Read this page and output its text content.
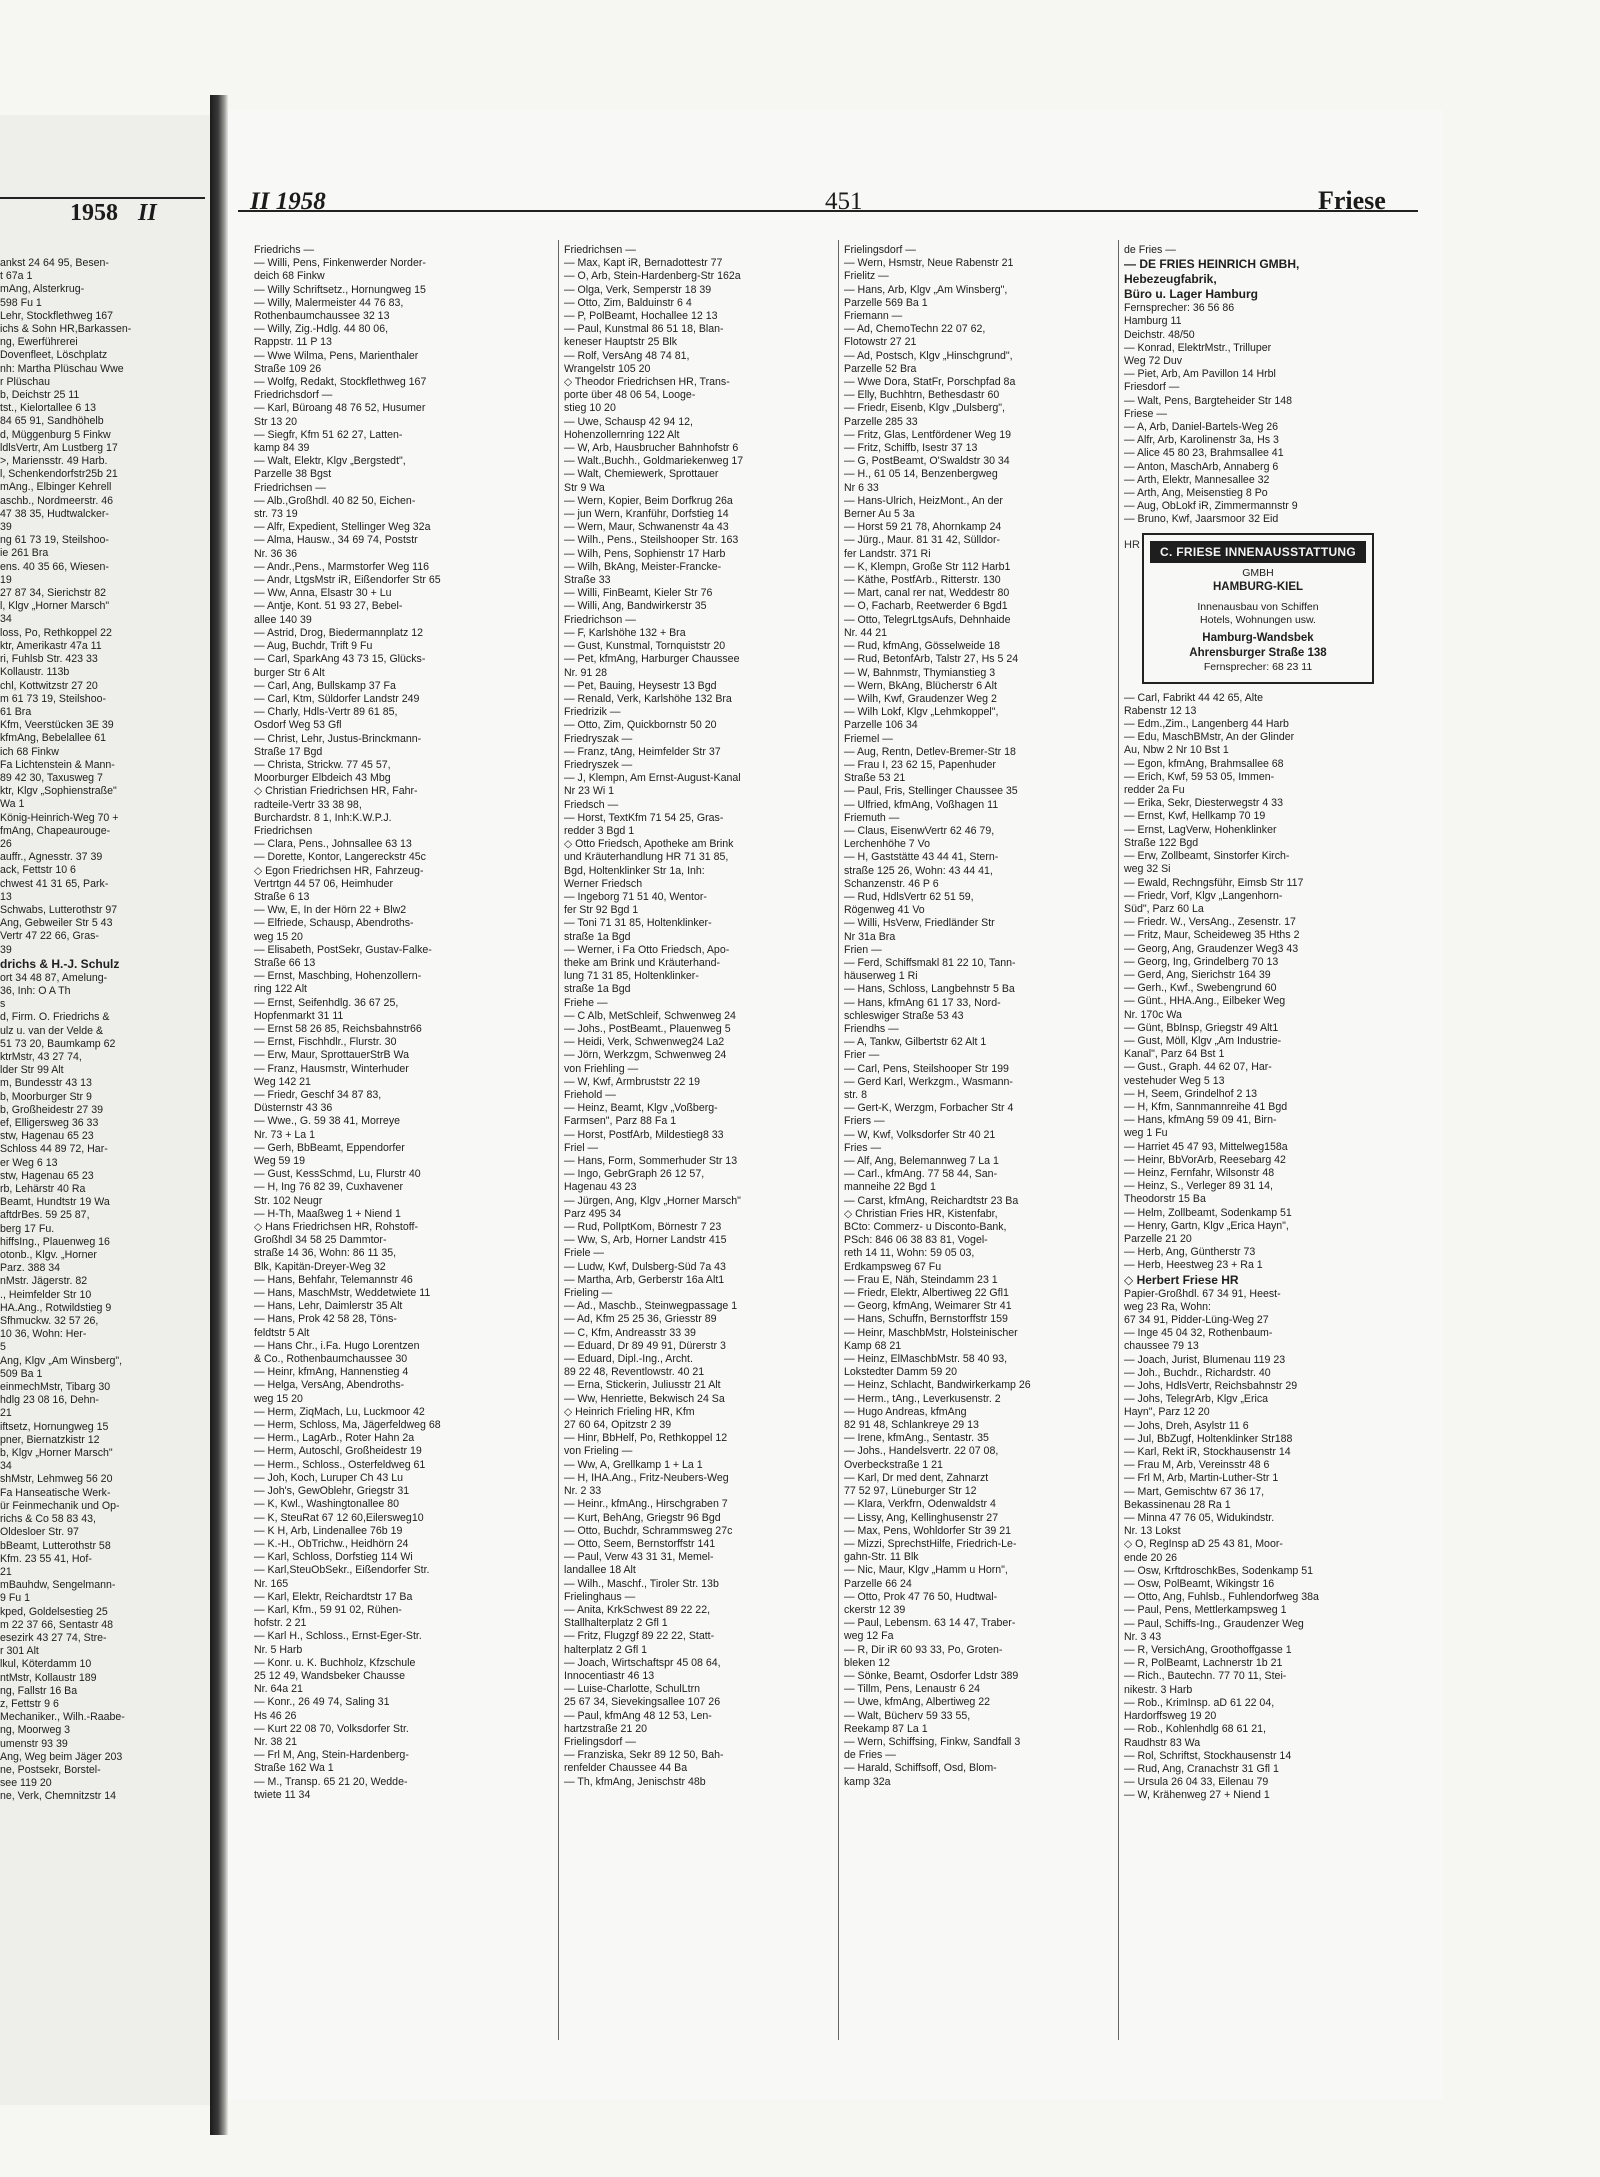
1958 II
ankst 24 64 95, Besen-
t 67a 1
mAng, Alsterkrug-
598 Fu 1
Lehr, Stockflethweg 167
ichs & Sohn HR,Barkassen-
ng, Ewerführerei
Dovenfleet, Löschplatz
nh: Martha Plüschau Wwe
r Plüschau
b, Deichstr 25 11
tst., Kielortallee 6 13
84 65 91, Sandhöhelb
d, Müggenburg 5 Finkw
ldlsVertr, Am Lustberg 17
>, Mariensstr. 49 Harb.
l, Schenkendorfstr25b 21
mAng., Elbinger Kehrell
aschb., Nordmeerstr. 46
47 38 35, Hudtwalcker-
39
ng 61 73 19, Steilshoo-
ie 261 Bra
ens. 40 35 66, Wiesen-
19
27 87 34, Sierichstr 82
l, Klgv „Horner Marsch"
34
loss, Po, Rethkoppel 22
ktr, Amerikastr 47a 11
ri, Fuhlsb Str. 423 33
Kollaustr. 113b
chl, Kottwitzstr 27 20
m 61 73 19, Steilshoo-
61 Bra
Kfm, Veerstücken 3E 39
kfmAng, Bebelallee 61
ich 68 Finkw
Fa Lichtenstein & Mann-
89 42 30, Taxusweg 7
ktr, Klgv „Sophienstraße"
Wa 1
König-Heinrich-Weg 70 +
fmAng, Chapeaurouge-
26
auffr., Agnesstr. 37 39
ack, Fettstr 10 6
chwest 41 31 65, Park-
13
Schwabs, Lutterothstr 97
Ang, Gebweiler Str 5 43
Vertr 47 22 66, Gras-
39
drichs & H.-J. Schulz
ort 34 48 87, Amelung-
36, Inh: O A Th
s
d, Firm. O. Friedrichs &
ulz u. van der Velde &
51 73 20, Baumkamp 62
ktrMstr, 43 27 74,
lder Str 99 Alt
m, Bundesstr 43 13
b, Moorburger Str 9
b, Großheidestr 27 39
ef, Elligersweg 36 33
stw, Hagenau 65 23
Schloss 44 89 72, Har-
er Weg 6 13
stw, Hagenau 65 23
rb, Lehärstr 40 Ra
Beamt, Hundtstr 19 Wa
aftdrBes. 59 25 87,
berg 17 Fu.
hiffsIng., Plauenweg 16
otonb., Klgv. „Horner
Parz. 388 34
nMstr. Jägerstr. 82
., Heimfelder Str 10
HA.Ang., Rotwildstieg 9
Sfhmuckw. 32 57 26,
10 36, Wohn: Her-
5
Ang, Klgv „Am Winsberg",
509 Ba 1
einmechMstr, Tibarg 30
hdlg 23 08 16, Dehn-
21
iftsetz, Hornungweg 15
pner, Biernatzkistr 12
b, Klgv „Horner Marsch"
34
shMstr, Lehmweg 56 20
Fa Hanseatische Werk-
ür Feinmechanik und Op-
richs & Co 58 83 43,
Oldesloer Str. 97
bBeamt, Lutterothstr 58
Kfm. 23 55 41, Hof-
21
mBauhdw, Sengelmann-
9 Fu 1
kped, Goldelsestieg 25
m 22 37 66, Sentastr 48
esezirk 43 27 74, Stre-
r 301 Alt
lkul, Köterdamm 10
ntMstr, Kollaustr 189
ng, Fallstr 16 Ba
z, Fettstr 9 6
Mechaniker., Wilh.-Raabe-
ng, Moorweg 3
umenstr 93 39
Ang, Weg beim Jäger 203
ne, Postsekr, Borstel-
see 119 20
ne, Verk, Chemnitzstr 14
II 1958	451	Friese
Friedrichs —
— Willi, Pens, Finkenwerder Norder-
deich 68 Finkw
— Willy Schriftsetz., Hornungweg 15
— Willy, Malermeister 44 76 83,
Rothenbaumchaussee 32 13
— Willy, Zig.-Hdlg. 44 80 06,
Rappstr. 11 P 13
— Wwe Wilma, Pens, Marienthaler
Straße 109 26
— Wolfg, Redakt, Stockflethweg 167
Friedrichsdorf —
— Karl, Büroang 48 76 52, Husumer
Str 13 20
— Siegfr, Kfm 51 62 27, Latten-
kamp 84 39
— Walt, Elektr, Klgv „Bergstedt",
Parzelle 38 Bgst
Friedrichsen —
— Alb.,Großhdl. 40 82 50, Eichen-
str. 73 19
— Alfr, Expedient, Stellinger Weg 32a
— Alma, Hausw., 34 69 74, Poststr
Nr. 36 36
— Andr.,Pens., Marmstorfer Weg 116
— Andr, LtgsMstr iR, Eißendorfer Str 65
— Ww, Anna, Elsastr 30 + Lu
— Antje, Kont. 51 93 27, Bebel-
allee 140 39
— Astrid, Drog, Biedermannplatz 12
— Aug, Buchdr, Trift 9 Fu
— Carl, SparkAng 43 73 15, Glücks-
burger Str 6 Alt
— Carl, Ang, Bullskamp 37 Fa
— Carl, Ktm, Süldorfer Landstr 249
— Charly, Hdls-Vertr 89 61 85,
Osdorf Weg 53 Gfl
— Christ, Lehr, Justus-Brinckmann-
Straße 17 Bgd
— Christa, Strickw. 77 45 57,
Moorburger Elbdeich 43 Mbg
◇ Christian Friedrichsen HR, Fahr-
radteile-Vertr 33 38 98,
Burchardstr. 8 1, Inh:K.W.P.J.
Friedrichsen
— Clara, Pens., Johnsallee 63 13
— Dorette, Kontor, Langereckstr 45c
◇ Egon Friedrichsen HR, Fahrzeug-
Vertrtgn 44 57 06, Heimhuder
Straße 6 13
— Ww, E, In der Hörn 22 + Blw2
— Elfriede, Schausp, Abendroths-
weg 15 20
— Elisabeth, PostSekr, Gustav-Falke-
Straße 66 13
— Ernst, Maschbing, Hohenzollern-
ring 122 Alt
— Ernst, Seifenhdlg. 36 67 25,
Hopfenmarkt 31 11
— Ernst 58 26 85, Reichsbahnstr66
— Ernst, Fischhdlr., Flurstr. 30
— Erw, Maur, SprottauerStrB Wa
— Franz, Hausmstr, Winterhuder
Weg 142 21
— Friedr, Geschf 34 87 83,
Düsternstr 43 36
— Wwe., G. 59 38 41, Morreye
Nr. 73 + La 1
— Gerh, BbBeamt, Eppendorfer
Weg 59 19
— Gust, KessSchmd, Lu, Flurstr 40
— H, Ing 76 82 39, Cuxhavener
Str. 102 Neugr
— H-Th, Maaßweg 1 + Niend 1
◇ Hans Friedrichsen HR, Rohstoff-
Großhdl 34 58 25 Dammtor-
straße 14 36, Wohn: 86 11 35,
Blk, Kapitän-Dreyer-Weg 32
— Hans, Behfahr, Telemannstr 46
— Hans, MaschMstr, Weddetwiete 11
— Hans, Lehr, Daimlerstr 35 Alt
— Hans, Prok 42 58 28, Töns-
feldtstr 5 Alt
— Hans Chr., i.Fa. Hugo Lorentzen
& Co., Rothenbaumchaussee 30
— Heinr, kfmAng, Hannenstieg 4
— Helga, VersAng, Abendroths-
weg 15 20
— Herm, ZiqMach, Lu, Luckmoor 42
— Herm, Schloss, Ma, Jägerfeldweg 68
— Herm., LagArb., Roter Hahn 2a
— Herm, Autoschl, Großheidestr 19
— Herm., Schloss., Osterfeldweg 61
— Joh, Koch, Luruper Ch 43 Lu
— Joh's, GewOblehr, Griegstr 31
— K, Kwl., Washingtonallee 80
— K, SteuRat 67 12 60,Eilersweg10
— K H, Arb, Lindenallee 76b 19
— K.-H., ObTrichw., Heidhörn 24
— Karl, Schloss, Dorfstieg 114 Wi
— Karl,SteuObSekr., Eißendorfer Str.
Nr. 165
— Karl, Elektr, Reichardtstr 17 Ba
— Karl, Kfm., 59 91 02, Rühen-
hofstr. 2 21
— Karl H., Schloss., Ernst-Eger-Str.
Nr. 5 Harb
— Konr. u. K. Buchholz, Kfzschule
25 12 49, Wandsbeker Chausse
Nr. 64a 21
— Konr., 26 49 74, Saling 31
Hs 46 26
— Kurt 22 08 70, Volksdorfer Str.
Nr. 38 21
— Frl M, Ang, Stein-Hardenberg-
Straße 162 Wa 1
— M., Transp. 65 21 20, Wedde-
twiete 11 34
Friedrichsen —
— Max, Kapt iR, Bernadottestr 77
— O, Arb, Stein-Hardenberg-Str 162a
— Olga, Verk, Semperstr 18 39
— Otto, Zim, Balduinstr 6 4
— P, PolBeamt, Hochallee 12 13
— Paul, Kunstmal 86 51 18, Blan-
keneser Hauptstr 25 Blk
— Rolf, VersAng 48 74 81,
Wrangelstr 105 20
◇ Theodor Friedrichsen HR, Trans-
porte über 48 06 54, Looge-
stieg 10 20
— Uwe, Schausp 42 94 12,
Hohenzollernring 122 Alt
— W, Arb, Hausbrucher Bahnhofstr 6
— Walt.,Buchh., Goldmariekenweg 17
— Walt, Chemiewerk, Sprottauer
Str 9 Wa
— Wern, Kopier, Beim Dorfkrug 26a
— jun Wern, Kranführ, Dorfstieg 14
— Wern, Maur, Schwanenstr 4a 43
— Wilh., Pens., Steilshooper Str. 163
— Wilh, Pens, Sophienstr 17 Harb
— Wilh, BkAng, Meister-Francke-
Straße 33
— Willi, FinBeamt, Kieler Str 76
— Willi, Ang, Bandwirkerstr 35
Friedrichson —
— F, Karlshöhe 132 + Bra
— Gust, Kunstmal, Tornquiststr 20
— Pet, kfmAng, Harburger Chaussee
Nr. 91 28
— Pet, Bauing, Heysestr 13 Bgd
— Renald, Verk, Karlshöhe 132 Bra
Friedrizik —
— Otto, Zim, Quickbornstr 50 20
Friedryszak —
— Franz, tAng, Heimfelder Str 37
Friedryszek —
— J, Klempn, Am Ernst-August-Kanal
Nr 23 Wi 1
Friedsch —
— Horst, TextKfm 71 54 25, Gras-
redder 3 Bgd 1
◇ Otto Friedsch, Apotheke am Brink
und Kräuterhandlung HR 71 31 85,
Bgd, Holtenklinker Str 1a, Inh:
Werner Friedsch
— Ingeborg 71 51 40, Wentor-
fer Str 92 Bgd 1
— Toni 71 31 85, Holtenklinker-
straße 1a Bgd
— Werner, i Fa Otto Friedsch, Apo-
theke am Brink und Kräuterhand-
lung 71 31 85, Holtenklinker-
straße 1a Bgd
Friehe —
— C Alb, MetSchleif, Schwenweg 24
— Johs., PostBeamt., Plauenweg 5
— Heidi, Verk, Schwenweg24 La2
— Jörn, Werkzgm, Schwenweg 24
von Friehling —
— W, Kwf, Armbruststr 22 19
Friehold —
— Heinz, Beamt, Klgv „Voßberg-
Farmsen", Parz 88 Fa 1
— Horst, PostfArb, Mildestieg8 33
Friel —
— Hans, Form, Sommerhuder Str 13
— Ingo, GebrGraph 26 12 57,
Hagenau 43 23
— Jürgen, Ang, Klgv „Horner Marsch"
Parz 495 34
— Rud, PolIptKom, Börnestr 7 23
— Ww, S, Arb, Horner Landstr 415
Friele —
— Ludw, Kwf, Dulsberg-Süd 7a 43
— Martha, Arb, Gerberstr 16a Alt1
Frieling —
— Ad., Maschb., Steinwegpassage 1
— Ad, Kfm 25 25 36, Griesstr 89
— C, Kfm, Andreasstr 33 39
— Eduard, Dr 89 49 91, Dürerstr 3
— Eduard, Dipl.-Ing., Archt.
89 22 48, Reventlowstr. 40 21
— Erna, Stickerin, Juliusstr 21 Alt
— Ww, Henriette, Bekwisch 24 Sa
◇ Heinrich Frieling HR, Kfm
27 60 64, Opitzstr 2 39
— Hinr, BbHelf, Po, Rethkoppel 12
von Frieling —
— Ww, A, Grellkamp 1 + La 1
— H, IHA.Ang., Fritz-Neubers-Weg
Nr. 2 33
— Heinr., kfmAng., Hirschgraben 7
— Kurt, BehAng, Griegstr 96 Bgd
— Otto, Buchdr, Schrammsweg 27c
— Otto, Seem, Bernstorffstr 141
— Paul, Verw 43 31 31, Memel-
landallee 18 Alt
— Wilh., Maschf., Tiroler Str. 13b
Frielinghaus —
— Anita, KrkSchwest 89 22 22,
Stallhalterplatz 2 Gfl 1
— Fritz, Flugzgf 89 22 22, Statt-
halterplatz 2 Gfl 1
— Joach, Wirtschaftspr 45 08 64,
Innocentiastr 46 13
— Luise-Charlotte, SchulLtrn
25 67 34, Sievekingsallee 107 26
— Paul, kfmAng 48 12 53, Len-
hartzstraße 21 20
Frielingsdorf —
— Franziska, Sekr 89 12 50, Bah-
renfelder Chaussee 44 Ba
— Th, kfmAng, Jenischstr 48b
Frielingsdorf —
— Wern, Hsmstr, Neue Rabenstr 21
Frielitz —
— Hans, Arb, Klgv „Am Winsberg",
Parzelle 569 Ba 1
Friemann —
— Ad, ChemoTechn 22 07 62,
Flotowstr 27 21
— Ad, Postsch, Klgv „Hinschgrund",
Parzelle 52 Bra
— Wwe Dora, StatFr, Porschpfad 8a
— Elly, Buchhtrn, Bethesdastr 60
— Friedr, Eisenb, Klgv „Dulsberg",
Parzelle 285 33
— Fritz, Glas, Lentfördener Weg 19
— Fritz, Schiffb, Isestr 37 13
— G, PostBeamt, O'Swaldstr 30 34
— H., 61 05 14, Benzenbergweg
Nr 6 33
— Hans-Ulrich, HeizMont., An der
Berner Au 5 3a
— Horst 59 21 78, Ahornkamp 24
— Jürg., Maur. 81 31 42, Sülldor-
fer Landstr. 371 Ri
— K, Klempn, Große Str 112 Harb1
— Käthe, PostfArb., Ritterstr. 130
— Mart, canal rer nat, Weddestr 80
— O, Facharb, Reetwerder 6 Bgd1
— Otto, TelegrLtgsAufs, Dehnhaide
Nr. 44 21
— Rud, kfmAng, Gösselweide 18
— Rud, BetonfArb, Talstr 27, Hs 5 24
— W, Bahnmstr, Thymianstieg 3
— Wern, BkAng, Blücherstr 6 Alt
— Wilh, Kwf, Graudenzer Weg 2
— Wilh Lokf, Klgv „Lehmkoppel",
Parzelle 106 34
Friemel —
— Aug, Rentn, Detlev-Bremer-Str 18
— Frau I, 23 62 15, Papenhuder
Straße 53 21
— Paul, Fris, Stellinger Chaussee 35
— Ulfried, kfmAng, Voßhagen 11
Friemuth —
— Claus, EisenwVertr 62 46 79,
Lerchenhöhe 7 Vo
— H, Gaststätte 43 44 41, Stern-
straße 125 26, Wohn: 43 44 41,
Schanzenstr. 46 P 6
— Rud, HdlsVertr 62 51 59,
Rögenweg 41 Vo
— Willi, HsVerw, Friedländer Str
Nr 31a Bra
Frien —
— Ferd, Schiffsmakl 81 22 10, Tann-
häuserweg 1 Ri
— Hans, Schloss, Langbehnstr 5 Ba
— Hans, kfmAng 61 17 33, Nord-
schleswiger Straße 53 43
Friendhs —
— A, Tankw, Gilbertstr 62 Alt 1
Frier —
— Carl, Pens, Steilshooper Str 199
— Gerd Karl, Werkzgm., Wasmann-
str. 8
— Gert-K, Werzgm, Forbacher Str 4
Friers —
— W, Kwf, Volksdorfer Str 40 21
Fries —
— Alf, Ang, Belemannweg 7 La 1
— Carl., kfmAng. 77 58 44, San-
manneihe 22 Bgd 1
— Carst, kfmAng, Reichardtstr 23 Ba
◇ Christian Fries HR, Kistenfabr,
BCto: Commerz- u Disconto-Bank,
PSch: 846 06 38 83 81, Vogel-
reth 14 11, Wohn: 59 05 03,
Erdkampsweg 67 Fu
— Frau E, Näh, Steindamm 23 1
— Friedr, Elektr, Albertiweg 22 Gfl1
— Georg, kfmAng, Weimarer Str 41
— Hans, Schuffn, Bernstorffstr 159
— Heinr, MaschbMstr, Holsteinischer
Kamp 68 21
— Heinz, ElMaschbMstr. 58 40 93,
Lokstedter Damm 59 20
— Heinz, Schlacht, Bandwirkerkamp 26
— Herm., tAng., Leverkusenstr. 2
— Hugo Andreas, kfmAng
82 91 48, Schlankreye 29 13
— Irene, kfmAng., Sentastr. 35
— Johs., Handelsvertr. 22 07 08,
Overbeckstraße 1 21
— Karl, Dr med dent, Zahnarzt
77 52 97, Lüneburger Str 12
— Klara, Verkfrn, Odenwaldstr 4
— Lissy, Ang, Kellinghusenstr 27
— Max, Pens, Wohldorfer Str 39 21
— Mizzi, SprechstHilfe, Friedrich-Le-
gahn-Str. 11 Blk
— Nic, Maur, Klgv „Hamm u Horn",
Parzelle 66 24
— Otto, Prok 47 76 50, Hudtwal-
ckerstr 12 39
— Paul, Lebensm. 63 14 47, Traber-
weg 12 Fa
— R, Dir iR 60 93 33, Po, Groten-
bleken 12
— Sönke, Beamt, Osdorfer Ldstr 389
— Tillm, Pens, Lenaustr 6 24
— Uwe, kfmAng, Albertiweg 22
— Walt, Bücherv 59 33 55,
Reekamp 87 La 1
— Wern, Schiffsing, Finkw, Sandfall 3
de Fries —
— Harald, Schiffsoff, Osd, Blom-
kamp 32a
de Fries —
— DE FRIES HEINRICH GMBH,
Hebezeugfabrik,
Büro u. Lager Hamburg
Fernsprecher: 36 56 86
Hamburg 11
Deichstr. 48/50
— Konrad, ElektrMstr., Trilluper
Weg 72 Duv
— Piet, Arb, Am Pavillon 14 Hrbl
Friesdorf —
— Walt, Pens, Bargteheider Str 148
Friese —
— A, Arb, Daniel-Bartels-Weg 26
— Alfr, Arb, Karolinenstr 3a, Hs 3
— Alice 45 80 23, Brahmsallee 41
— Anton, MaschArb, Annaberg 6
— Arth, Elektr, Mannesallee 32
— Arth, Ang, Meisenstieg 8 Po
— Aug, ObLokf iR, Zimmermannstr 9
— Bruno, Kwf, Jaarsmoor 32 Eid
HR	C. FRIESE INNENAUSSTATTUNG
GMBH
HAMBURG-KIEL
Innenausbau von Schiffen
Hotels, Wohnungen usw.
Hamburg-Wandsbek
Ahrensburger Straße 138
Fernsprecher: 68 23 11
— Carl, Fabrikt 44 42 65, Alte
Rabenstr 12 13
— Edm.,Zim., Langenberg 44 Harb
— Edu, MaschBMstr, An der Glinder
Au, Nbw 2 Nr 10 Bst 1
— Egon, kfmAng, Brahmsallee 68
— Erich, Kwf, 59 53 05, Immen-
redder 2a Fu
— Erika, Sekr, Diesterwegstr 4 33
— Ernst, Kwf, Hellkamp 70 19
— Ernst, LagVerw, Hohenklinker
Straße 122 Bgd
— Erw, Zollbeamt, Sinstorfer Kirch-
weg 32 Si
— Ewald, Rechngsführ, Eimsb Str 117
— Friedr, Vorf, Klgv „Langenhorn-
Süd", Parz 60 La
— Friedr. W., VersAng., Zesenstr. 17
— Fritz, Maur, Scheideweg 35 Hths 2
— Georg, Ang, Graudenzer Weg3 43
— Georg, Ing, Grindelberg 70 13
— Gerd, Ang, Sierichstr 164 39
— Gerh., Kwf., Swebengrund 60
— Günt., HHA.Ang., Eilbeker Weg
Nr. 170c Wa
— Günt, BbInsp, Griegstr 49 Alt1
— Gust, Möll, Klgv „Am Industrie-
Kanal", Parz 64 Bst 1
— Gust., Graph. 44 62 07, Har-
vestehuder Weg 5 13
— H, Seem, Grindelhof 2 13
— H, Kfm, Sannmannreihe 41 Bgd
— Hans, kfmAng 59 09 41, Birn-
weg 1 Fu
— Harriet 45 47 93, Mittelweg158a
— Heinr, BbVorArb, Reesebarg 42
— Heinz, Fernfahr, Wilsonstr 48
— Heinz, S., Verleger 89 31 14,
Theodorstr 15 Ba
— Helm, Zollbeamt, Sodenkamp 51
— Henry, Gartn, Klgv „Erica Hayn",
Parzelle 21 20
— Herb, Ang, Güntherstr 73
— Herb, Heestweg 23 + Ra 1
◇ Herbert Friese HR
Papier-Großhdl. 67 34 91, Heest-
weg 23 Ra, Wohn:
67 34 91, Pidder-Lüng-Weg 27
— Inge 45 04 32, Rothenbaum-
chaussee 79 13
— Joach, Jurist, Blumenau 119 23
— Joh., Buchdr., Richardstr. 40
— Johs, HdlsVertr, Reichsbahnstr 29
— Johs, TelegrArb, Klgv „Erica
Hayn", Parz 12 20
— Johs, Dreh, Asylstr 11 6
— Jul, BbZugf, Holtenklinker Str188
— Karl, Rekt iR, Stockhausenstr 14
— Frau M, Arb, Vereinsstr 48 6
— Frl M, Arb, Martin-Luther-Str 1
— Mart, Gemischtw 67 36 17,
Bekassinenau 28 Ra 1
— Minna 47 76 05, Widukindstr.
Nr. 13 Lokst
◇ O, RegInsp aD 25 43 81, Moor-
ende 20 26
— Osw, KrftdroschkBes, Sodenkamp 51
— Osw, PolBeamt, Wikingstr 16
— Otto, Ang, Fuhlsb., Fuhlendorfweg 38a
— Paul, Pens, Mettlerkampsweg 1
— Paul, Schiffs-Ing., Graudenzer Weg
Nr. 3 43
— R, VersichAng, Groothoffgasse 1
— R, PolBeamt, Lachnerstr 1b 21
— Rich., Bautechn. 77 70 11, Stei-
nikestr. 3 Harb
— Rob., KrimInsp. aD 61 22 04,
Hardorffsweg 19 20
— Rob., Kohlenhdlg 68 61 21,
Raudhstr 83 Wa
— Rol, Schriftst, Stockhausenstr 14
— Rud, Ang, Cranachstr 31 Gfl 1
— Ursula 26 04 33, Eilenau 79
— W, Krähenweg 27 + Niend 1
